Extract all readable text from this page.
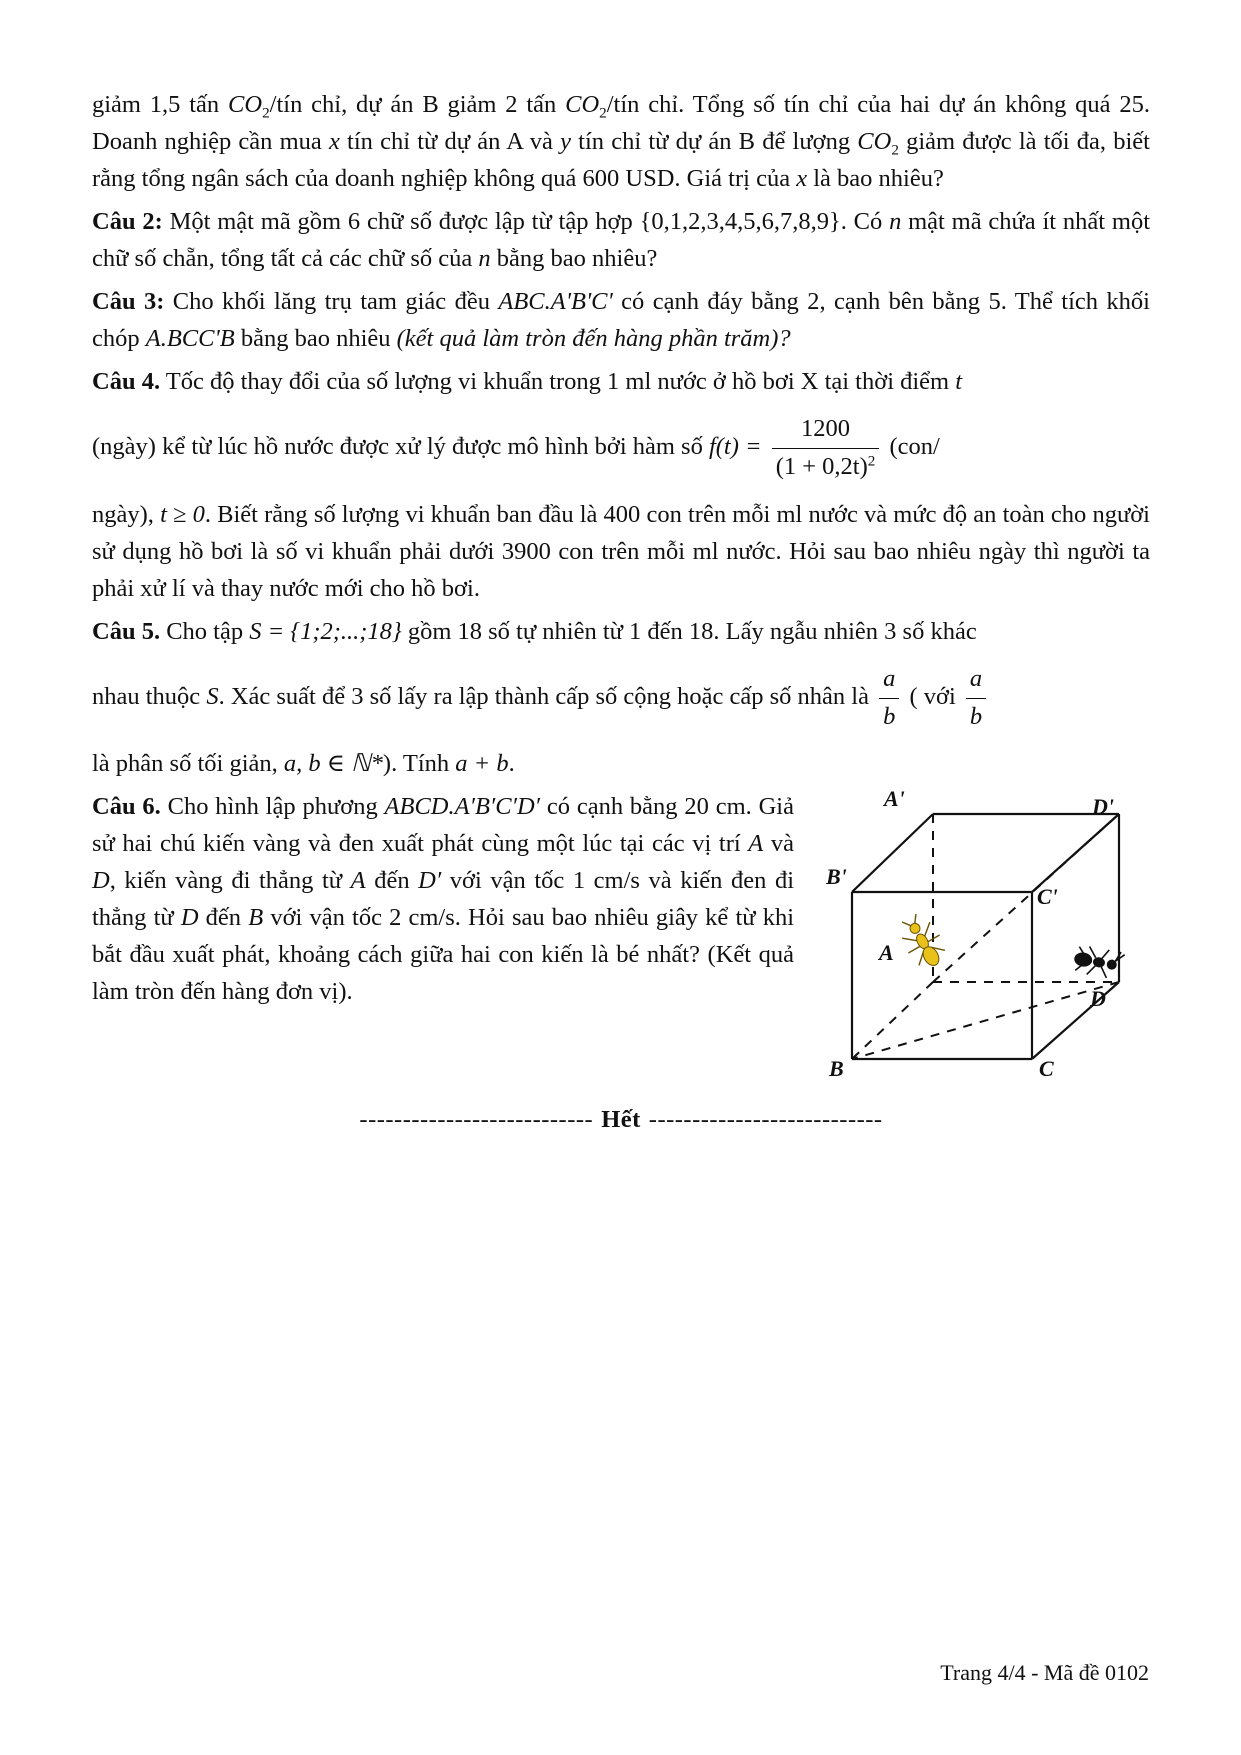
giảm 1,5 tấn $CO_2$/tín chỉ, dự án B giảm 2 tấn $CO_2$/tín chỉ. Tổng số tín chỉ của hai dự án không quá 25. Doanh nghiệp cần mua x tín chỉ từ dự án A và y tín chỉ từ dự án B để lượng $CO_2$ giảm được là tối đa, biết rằng tổng ngân sách của doanh nghiệp không quá 600 USD. Giá trị của x là bao nhiêu?

Câu 2: Một mật mã gồm 6 chữ số được lập từ tập hợp {0,1,2,3,4,5,6,7,8,9}. Có n mật mã chứa ít nhất một chữ số chẵn, tổng tất cả các chữ số của n bằng bao nhiêu?

Câu 3: Cho khối lăng trụ tam giác đều ABC.A'B'C' có cạnh đáy bằng 2, cạnh bên bằng 5. Thể tích khối chóp A.BCC'B bằng bao nhiêu (kết quả làm tròn đến hàng phần trăm)?

Câu 4. Tốc độ thay đổi của số lượng vi khuẩn trong 1 ml nước ở hồ bơi X tại thời điểm t
(ngày) kể từ lúc hồ nước được xử lý được mô hình bởi hàm số $f(t) = \frac{1200}{(1 + 0,2t)^2} (con/$
ngày), t ≥ 0. Biết rằng số lượng vi khuẩn ban đầu là 400 con trên mỗi ml nước và mức độ an toàn cho người sử dụng hồ bơi là số vi khuẩn phải dưới 3900 con trên mỗi ml nước. Hỏi sau bao nhiêu ngày thì người ta phải xử lí và thay nước mới cho hồ bơi.
Câu 5. Cho tập S = {1;2;...;18} gồm 18 số tự nhiên từ 1 đến 18. Lấy ngẫu nhiên 3 số khác
nhau thuộc S. Xác suất để 3 số lấy ra lập thành cấp số cộng hoặc cấp số nhân là $\frac{a}{b}$ ( với $\frac{a}{b}$
là phân số tối giản, a, b ∈ ℕ*). Tính a + b.

Câu 6. Cho hình lập phương ABCD.A′B′C′D′ có cạnh bằng 20 cm. Giả sử hai chú kiến vàng và đen xuất phát cùng một lúc tại các vị trí A và D, kiến vàng đi thẳng từ A đến D′ với vận tốc 1 cm/s và kiến đen đi thẳng từ D đến B với vận tốc 2 cm/s. Hỏi sau bao nhiêu giây kể từ khi bắt đầu xuất phát, khoảng cách giữa hai con kiến là bé nhất? (Kết quả làm tròn đến hàng đơn vị).

A'	D'
B'
C'
A
D
B	C
--------------------------- Hết ---------------------------
Trang 4/4 - Mã đề 0102
